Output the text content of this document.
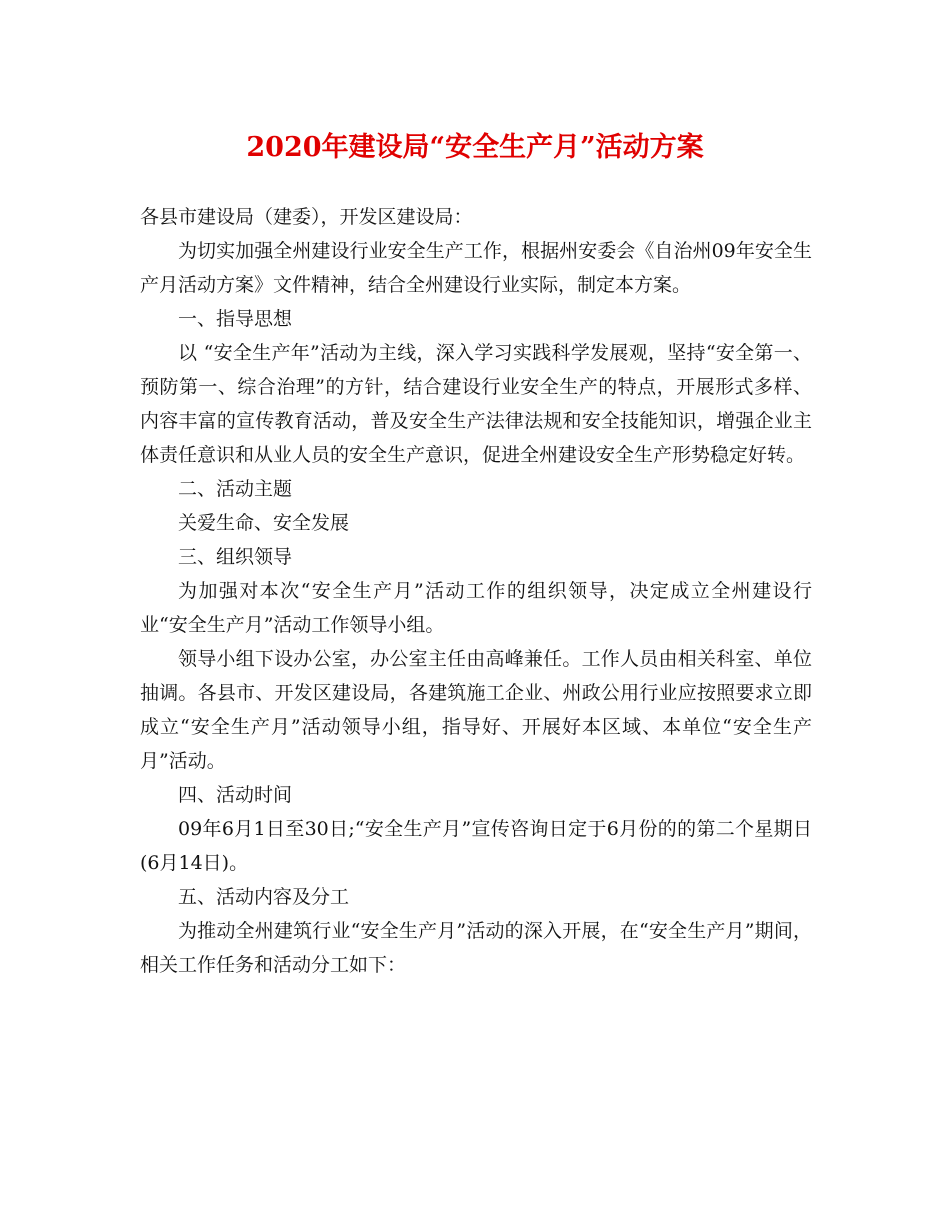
2020年建设局“安全生产月”活动方案

各县市建设局（建委），开发区建设局：

为切实加强全州建设行业安全生产工作，根据州安委会《自治州09年安全生产月活动方案》文件精神，结合全州建设行业实际，制定本方案。

一、指导思想

以 “安全生产年”活动为主线，深入学习实践科学发展观，坚持“安全第一、预防第一、综合治理”的方针，结合建设行业安全生产的特点，开展形式多样、内容丰富的宣传教育活动，普及安全生产法律法规和安全技能知识，增强企业主体责任意识和从业人员的安全生产意识，促进全州建设安全生产形势稳定好转。

二、活动主题

关爱生命、安全发展

三、组织领导

为加强对本次“安全生产月”活动工作的组织领导，决定成立全州建设行业“安全生产月”活动工作领导小组。

领导小组下设办公室，办公室主任由高峰兼任。工作人员由相关科室、单位抽调。各县市、开发区建设局，各建筑施工企业、州政公用行业应按照要求立即成立“安全生产月”活动领导小组，指导好、开展好本区域、本单位“安全生产月”活动。

四、活动时间

09年6月1日至30日;“安全生产月”宣传咨询日定于6月份的的第二个星期日(6月14日)。

五、活动内容及分工

为推动全州建筑行业“安全生产月”活动的深入开展，在“安全生产月”期间，相关工作任务和活动分工如下：
